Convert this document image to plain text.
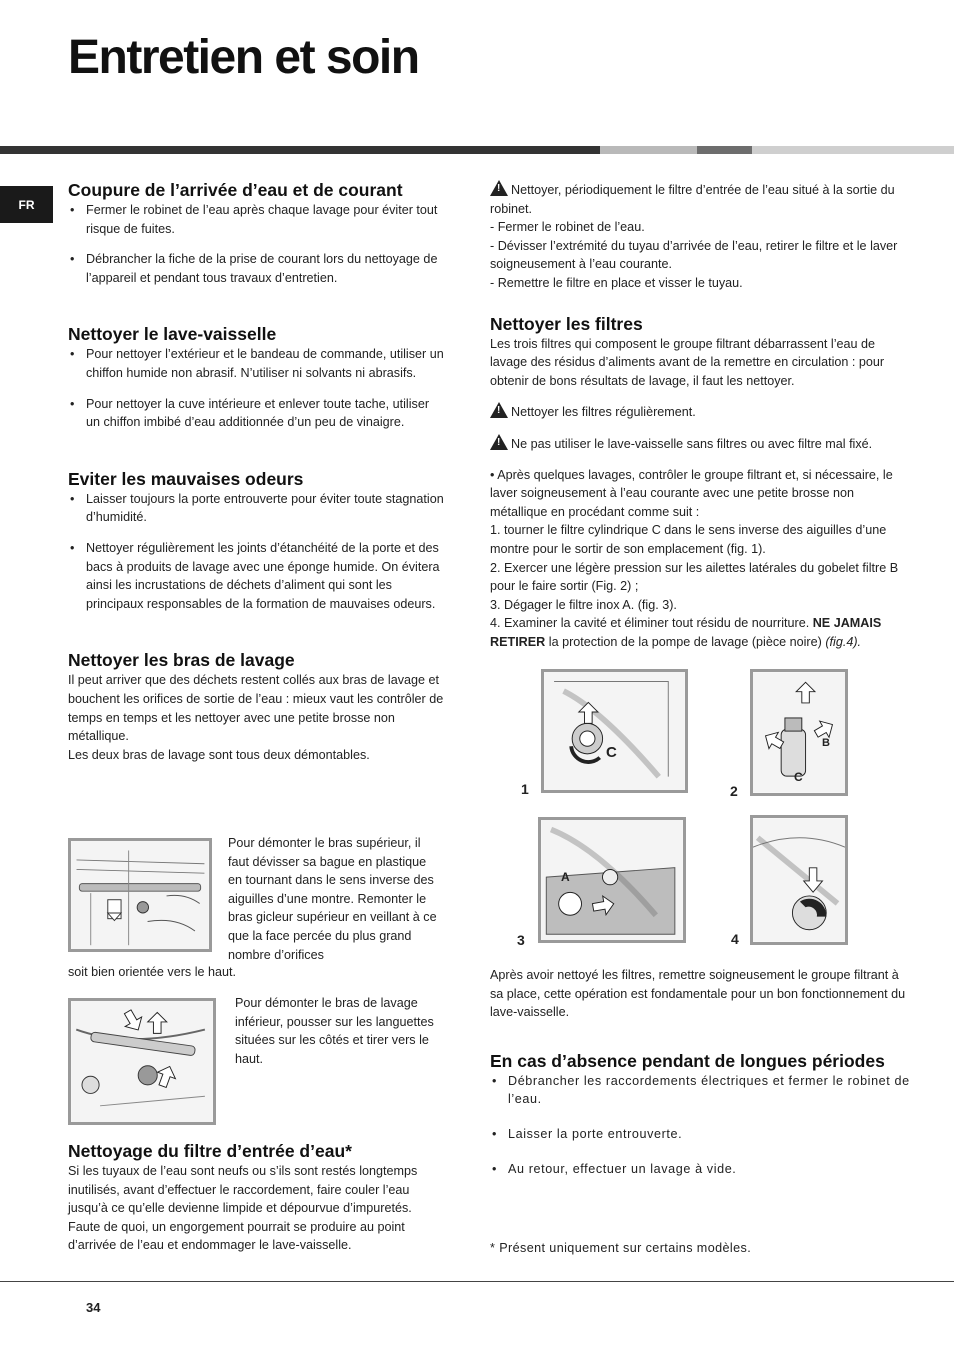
Entretien et soin
FR
Coupure de l’arrivée d’eau et de courant
• Fermer le robinet de l’eau après chaque lavage pour éviter tout risque de fuites.
• Débrancher la fiche de la prise de courant lors du nettoyage de l’appareil et pendant tous travaux d’entretien.
Nettoyer le lave-vaisselle
• Pour nettoyer l’extérieur et le bandeau de commande, utiliser un chiffon humide non abrasif. N’utiliser ni solvants ni abrasifs.
• Pour nettoyer la cuve intérieure et enlever toute tache, utiliser un chiffon imbibé d’eau additionnée d’un peu de vinaigre.
Eviter les mauvaises odeurs
• Laisser toujours la porte entrouverte pour éviter toute stagnation d’humidité.
• Nettoyer régulièrement les joints d’étanchéité de la porte et des bacs à produits de lavage avec une éponge humide. On évitera ainsi les incrustations de déchets d’aliment qui sont les principaux responsables de la formation de mauvaises odeurs.
Nettoyer les bras de lavage

Il peut arriver que des déchets restent collés aux bras de lavage et bouchent les orifices de sortie de l’eau : mieux vaut les contrôler de temps en temps et les nettoyer avec une petite brosse non métallique.

Les deux bras de lavage sont tous deux démontables.

Pour démonter le bras supérieur, il faut dévisser sa bague en plastique en tournant dans le sens inverse des aiguilles d’une montre. Remonter le bras gicleur supérieur en veillant à ce que la face percée du plus grand nombre d’orifices
soit bien orientée vers le haut.
Pour démonter le bras de lavage inférieur, pousser sur les languettes situées sur les côtés et tirer vers le haut.
Nettoyage du filtre d’entrée d’eau*

Si les tuyaux de l’eau sont neufs ou s’ils sont restés longtemps inutilisés, avant d’effectuer le raccordement, faire couler l’eau jusqu’à ce qu’elle devienne limpide et dépourvue d’impuretés. Faute de quoi, un engorgement pourrait se produire au point d’arrivée de l’eau et endommager le lave-vaisselle.

!Nettoyer, périodiquement le filtre d’entrée de l’eau situé à la sortie du robinet.

- Fermer le robinet de l’eau.

- Dévisser l’extrémité du tuyau d’arrivée de l’eau, retirer le filtre et le laver soigneusement à l’eau courante.

- Remettre le filtre en place et visser le tuyau.

Nettoyer les filtres

Les trois filtres qui composent le groupe filtrant débarrassent l’eau de lavage des résidus d’aliments avant de la remettre en circulation : pour obtenir de bons résultats de lavage, il faut les nettoyer.

!Nettoyer les filtres régulièrement.

!Ne pas utiliser le lave-vaisselle sans filtres ou avec filtre mal fixé.

• Après quelques lavages, contrôler le groupe filtrant et, si nécessaire, le laver soigneusement à l’eau courante avec une petite brosse non métallique en procédant comme suit :

1. tourner le filtre cylindrique C dans le sens inverse des aiguilles d’une montre pour le sortir de son emplacement (fig. 1).

2. Exercer une légère pression sur les ailettes latérales du gobelet filtre B pour le faire sortir (Fig. 2) ;

3. Dégager le filtre inox A. (fig. 3).

4. Examiner la cavité et éliminer tout résidu de nourriture. NE JAMAIS RETIRER la protection de la pompe de lavage (pièce noire) (fig.4).

1	2
3	4
C
B
C
A

Après avoir nettoyé les filtres, remettre soigneusement le groupe filtrant à sa place, cette opération est fondamentale pour un bon fonctionnement du lave-vaisselle.

En cas d’absence pendant de longues périodes
• Débrancher les raccordements électriques et fermer le robinet de l’eau.
• Laisser la porte entrouverte.
• Au retour, effectuer un lavage à vide.
* Présent uniquement sur certains modèles.
34
